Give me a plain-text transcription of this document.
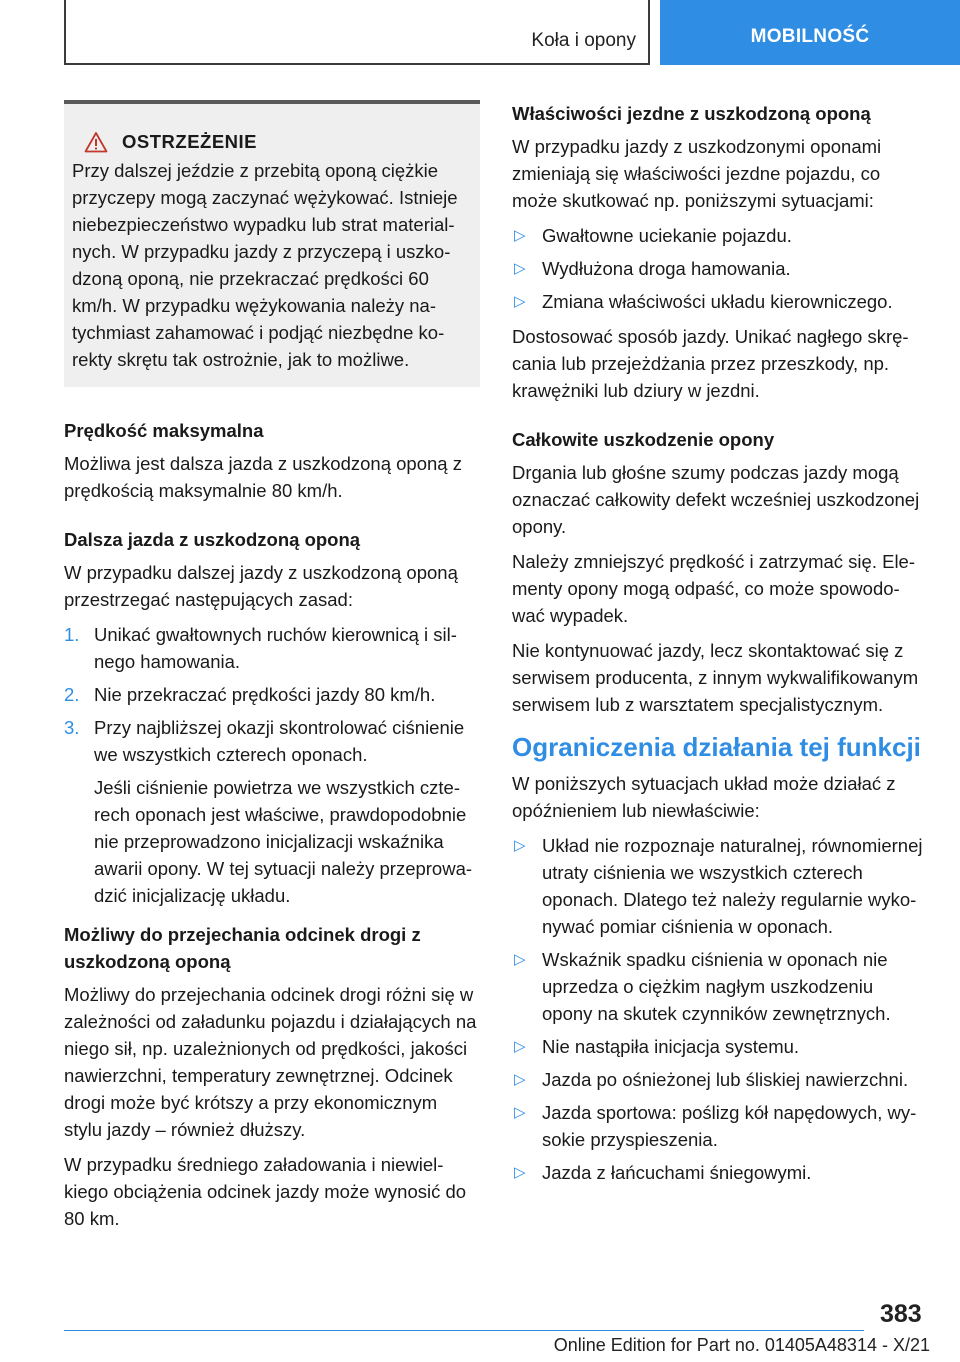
Koła i opony	MOBILNOŚĆ
OSTRZEŻENIE

Przy dalszej jeździe z przebitą oponą ciężkie przyczepy mogą zaczynać wężykować. Istnieje niebezpieczeństwo wypadku lub strat materialnych. W przypadku jazdy z przyczepą i uszkodzoną oponą, nie przekraczać prędkości 60 km/h. W przypadku wężykowania należy natychmiast zahamować i podjąć niezbędne korekty skrętu tak ostrożnie, jak to możliwe.

Prędkość maksymalna

Możliwa jest dalsza jazda z uszkodzoną oponą z prędkością maksymalnie 80 km/h.

Dalsza jazda z uszkodzoną oponą

W przypadku dalszej jazdy z uszkodzoną oponą przestrzegać następujących zasad:

1. Unikać gwałtownych ruchów kierownicą i silnego hamowania.
2. Nie przekraczać prędkości jazdy 80 km/h.
3. Przy najbliższej okazji skontrolować ciśnienie we wszystkich czterech oponach.
Jeśli ciśnienie powietrza we wszystkich czterech oponach jest właściwe, prawdopodobnie nie przeprowadzono inicjalizacji wskaźnika awarii opony. W tej sytuacji należy przeprowadzić inicjalizację układu.

Możliwy do przejechania odcinek drogi z uszkodzoną oponą

Możliwy do przejechania odcinek drogi różni się w zależności od załadunku pojazdu i działających na niego sił, np. uzależnionych od prędkości, jakości nawierzchni, temperatury zewnętrznej. Odcinek drogi może być krótszy a przy ekonomicznym stylu jazdy – również dłuższy.

W przypadku średniego załadowania i niewielkiego obciążenia odcinek jazdy może wynosić do 80 km.

Właściwości jezdne z uszkodzoną oponą

W przypadku jazdy z uszkodzonymi oponami zmieniają się właściwości jezdne pojazdu, co może skutkować np. poniższymi sytuacjami:

▷ Gwałtowne uciekanie pojazdu.
▷ Wydłużona droga hamowania.
▷ Zmiana właściwości układu kierowniczego.

Dostosować sposób jazdy. Unikać nagłego skręcania lub przejeżdżania przez przeszkody, np. krawężniki lub dziury w jezdni.

Całkowite uszkodzenie opony

Drgania lub głośne szumy podczas jazdy mogą oznaczać całkowity defekt wcześniej uszkodzonej opony.

Należy zmniejszyć prędkość i zatrzymać się. Elementy opony mogą odpaść, co może spowodować wypadek.

Nie kontynuować jazdy, lecz skontaktować się z serwisem producenta, z innym wykwalifikowanym serwisem lub z warsztatem specjalistycznym.

Ograniczenia działania tej funkcji

W poniższych sytuacjach układ może działać z opóźnieniem lub niewłaściwie:

▷ Układ nie rozpoznaje naturalnej, równomiernej utraty ciśnienia we wszystkich czterech oponach. Dlatego też należy regularnie wykonywać pomiar ciśnienia w oponach.
▷ Wskaźnik spadku ciśnienia w oponach nie uprzedza o ciężkim nagłym uszkodzeniu opony na skutek czynników zewnętrznych.
▷ Nie nastąpiła inicjacja systemu.
▷ Jazda po ośnieżonej lub śliskiej nawierzchni.
▷ Jazda sportowa: poślizg kół napędowych, wysokie przyspieszenia.
▷ Jazda z łańcuchami śniegowymi.
383
Online Edition for Part no. 01405A48314 - X/21
